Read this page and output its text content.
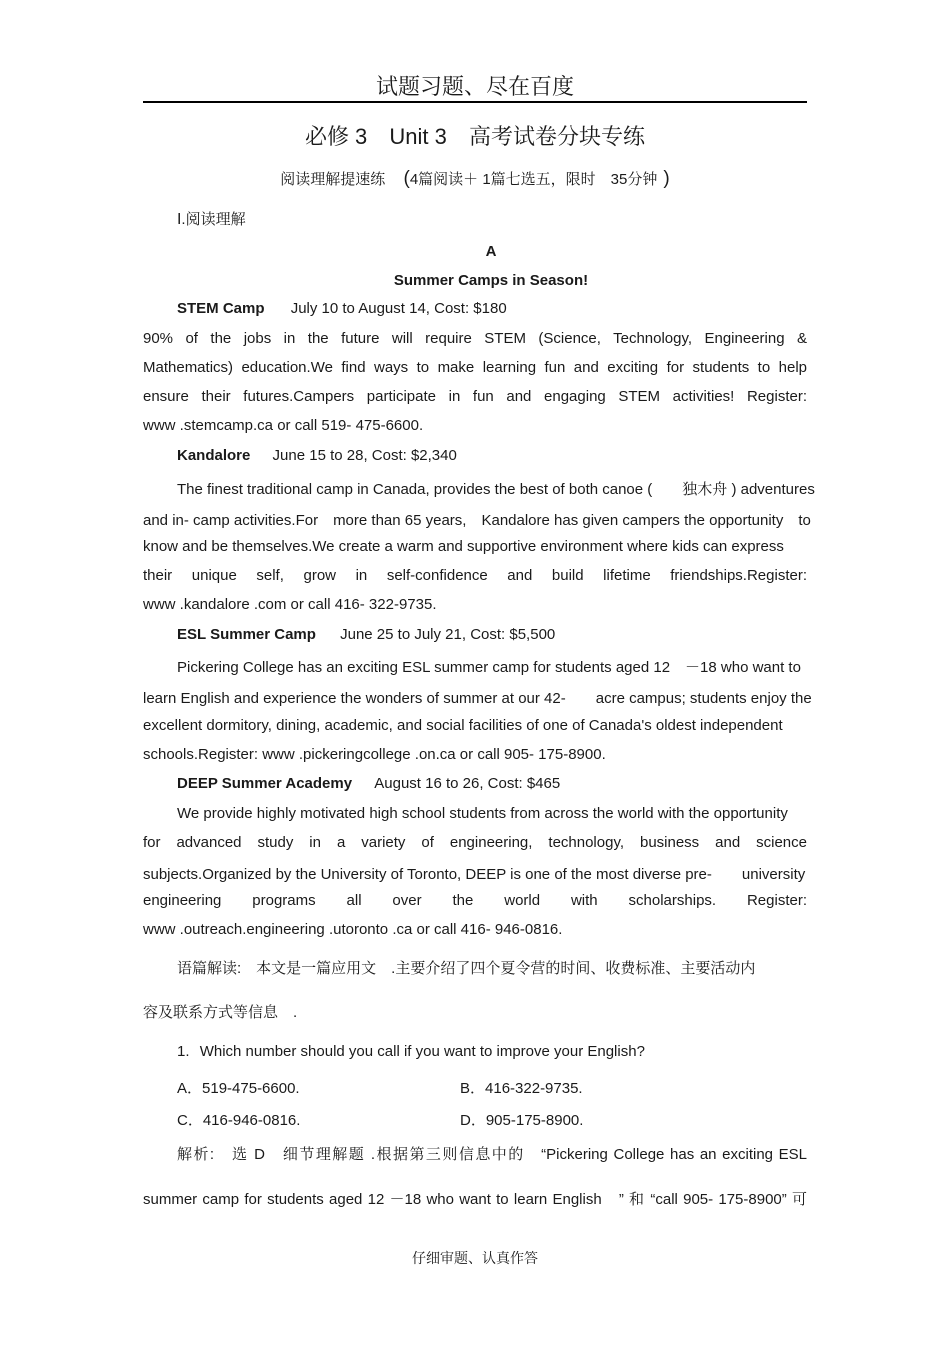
试题习题、尽在百度
必修 3 Unit 3 高考试卷分块专练
阅读理解提速练 (4篇阅读＋ 1篇七选五，限时　35分钟 )
Ⅰ.阅读理解
A
Summer Camps in Season!
STEM Camp July 10 to August 14, Cost: $180
90% of the jobs in the future will require STEM (Science, Technology, Engineering &
Mathematics) education.We find ways to make learning fun and exciting for students to help
ensure their futures.Campers participate in fun and engaging STEM activities! Register:
www .stemcamp.ca or call 519- 475-6600.
Kandalore June 15 to 28, Cost: $2,340
The finest traditional camp in Canada, provides the best of both canoe (　　独木舟 ) adventures
and in- camp activities.For　more than 65 years,　Kandalore has given campers the opportunity　to
know and be themselves.We create a warm and supportive environment where kids can express
their unique self, grow in self-confidence and build lifetime friendships.Register:
www .kandalore .com or call 416- 322-9735.
ESL Summer Camp June 25 to July 21, Cost: $5,500
Pickering College has an exciting ESL summer camp for students aged 12　－18 who want to
learn English and experience the wonders of summer at our 42-　　acre campus; students enjoy the
excellent dormitory, dining, academic, and social facilities of one of Canada's oldest independent
schools.Register: www .pickeringcollege .on.ca or call 905- 175-8900.
DEEP Summer Academy August 16 to 26, Cost: $465
We provide highly motivated high school students from across the world with the opportunity
for advanced study in a variety of engineering, technology, business and science
subjects.Organized by the University of Toronto, DEEP is one of the most diverse pre-　　university
engineering programs all over the world with scholarships. Register:
www .outreach.engineering .utoronto .ca or call 416- 946-0816.
语篇解读:　本文是一篇应用文　.主要介绍了四个夏令营的时间、收费标准、主要活动内
容及联系方式等信息　.
1. Which number should you call if you want to improve your English?
A．519-475-6600.	B．416-322-9735.
C．416-946-0816.	D．905-175-8900.
解析:　选 D　细节理解题 .根据第三则信息中的　“Pickering College has an exciting ESL
summer camp for students aged 12 －18 who want to learn English　” 和 “call 905- 175-8900” 可
仔细审题、认真作答
